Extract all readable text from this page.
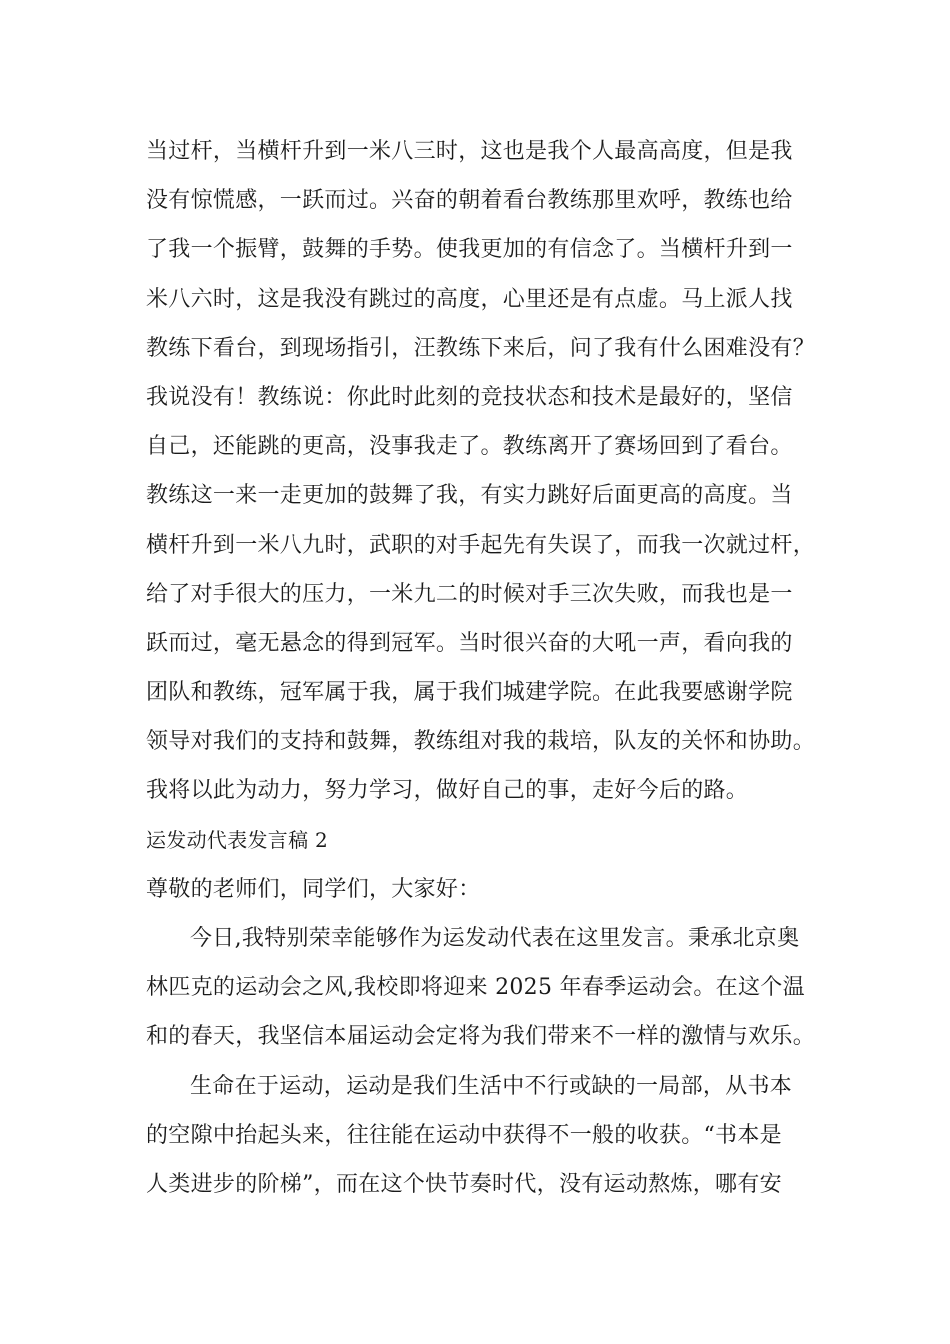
当过杆，当横杆升到一米八三时，这也是我个人最高高度，但是我
没有惊慌感，一跃而过。兴奋的朝着看台教练那里欢呼，教练也给
了我一个振臂，鼓舞的手势。使我更加的有信念了。当横杆升到一
米八六时，这是我没有跳过的高度，心里还是有点虚。马上派人找
教练下看台，到现场指引，汪教练下来后，问了我有什么困难没有？
我说没有！教练说：你此时此刻的竞技状态和技术是最好的，坚信
自己，还能跳的更高，没事我走了。教练离开了赛场回到了看台。
教练这一来一走更加的鼓舞了我，有实力跳好后面更高的高度。当
横杆升到一米八九时，武职的对手起先有失误了，而我一次就过杆，
给了对手很大的压力，一米九二的时候对手三次失败，而我也是一
跃而过，毫无悬念的得到冠军。当时很兴奋的大吼一声，看向我的
团队和教练，冠军属于我，属于我们城建学院。在此我要感谢学院
领导对我们的支持和鼓舞，教练组对我的栽培，队友的关怀和协助。
我将以此为动力，努力学习，做好自己的事，走好今后的路。
运发动代表发言稿 2
尊敬的老师们，同学们，大家好：
今日,我特别荣幸能够作为运发动代表在这里发言。秉承北京奥
林匹克的运动会之风,我校即将迎来 2025 年春季运动会。在这个温
和的春天，我坚信本届运动会定将为我们带来不一样的激情与欢乐。
生命在于运动，运动是我们生活中不行或缺的一局部，从书本
的空隙中抬起头来，往往能在运动中获得不一般的收获。“书本是
人类进步的阶梯”，而在这个快节奏时代，没有运动熬炼，哪有安
